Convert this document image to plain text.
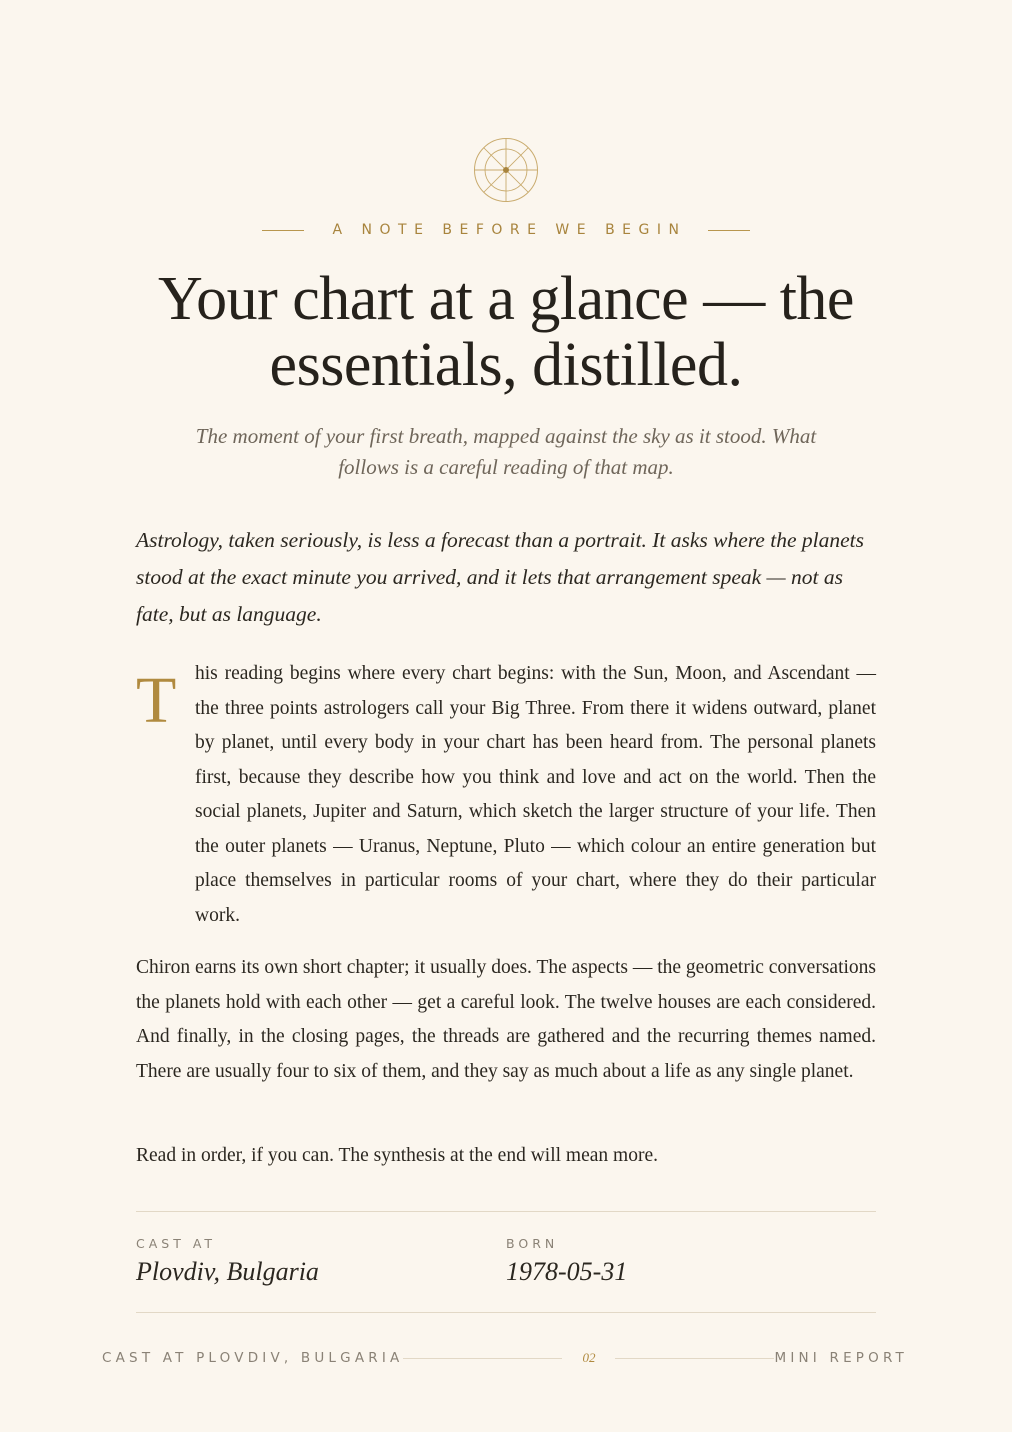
A NOTE BEFORE WE BEGIN
Your chart at a glance — the essentials, distilled.

The moment of your first breath, mapped against the sky as it stood. What follows is a careful reading of that map.

Astrology, taken seriously, is less a forecast than a portrait. It asks where the planets stood at the exact minute you arrived, and it lets that arrangement speak — not as fate, but as language.

T his reading begins where every chart begins: with the Sun, Moon, and Ascendant — the three points astrologers call your Big Three. From there it widens outward, planet by planet, until every body in your chart has been heard from. The personal planets first, because they describe how you think and love and act on the world. Then the social planets, Jupiter and Saturn, which sketch the larger structure of your life. Then the outer planets — Uranus, Neptune, Pluto — which colour an entire generation but place themselves in particular rooms of your chart, where they do their particular work.

Chiron earns its own short chapter; it usually does. The aspects — the geometric conversations the planets hold with each other — get a careful look. The twelve houses are each considered. And finally, in the closing pages, the threads are gathered and the recurring themes named. There are usually four to six of them, and they say as much about a life as any single planet.

Read in order, if you can. The synthesis at the end will mean more.

CAST AT
Plovdiv, Bulgaria
BORN
1978-05-31
CAST AT PLOVDIV, BULGARIA	02	MINI REPORT
